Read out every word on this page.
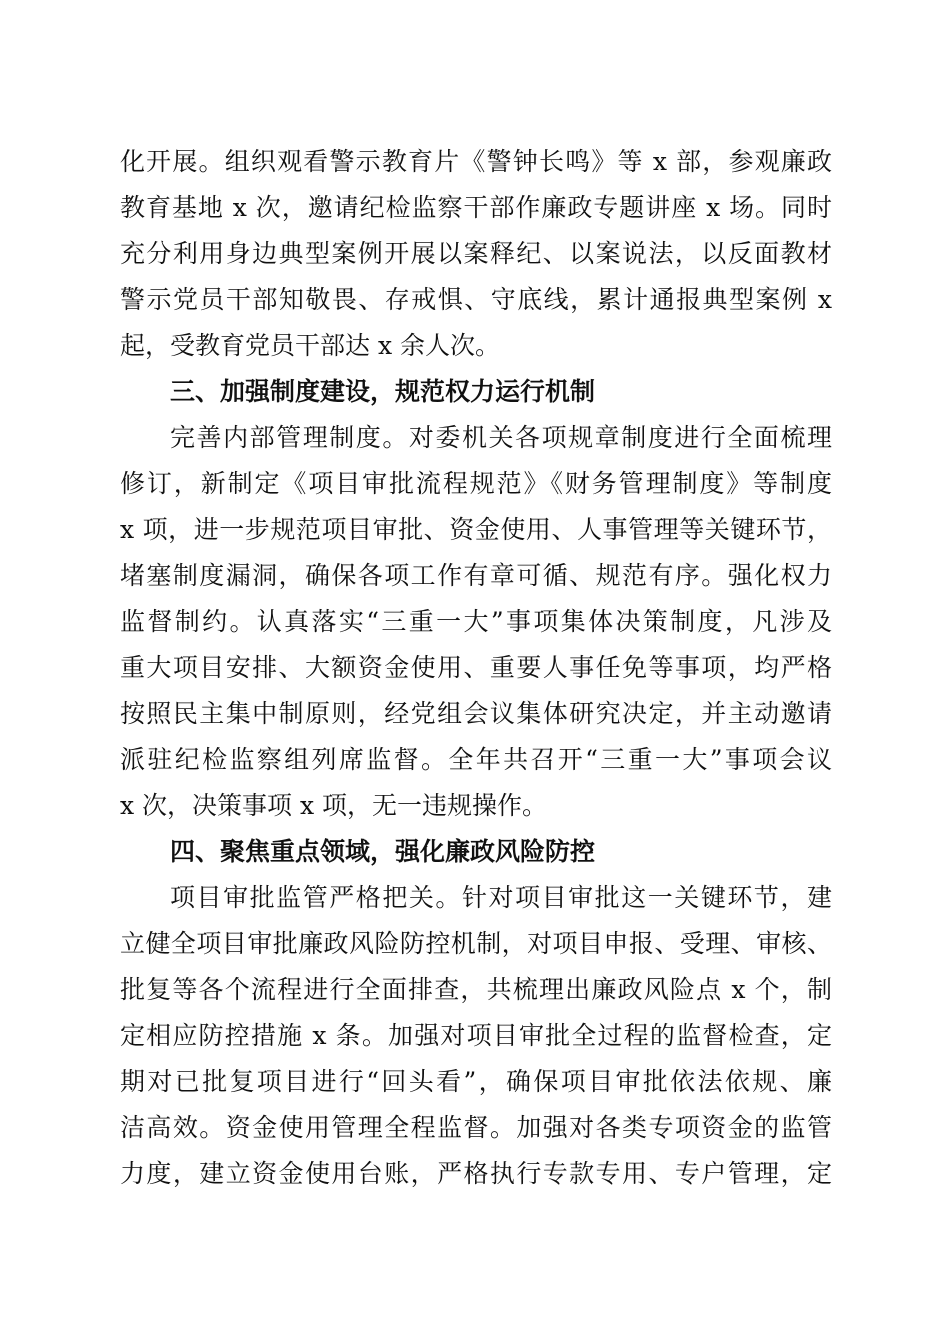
化开展。组织观看警示教育片《警钟长鸣》等 x 部，参观廉政
教育基地 x 次，邀请纪检监察干部作廉政专题讲座 x 场。同时
充分利用身边典型案例开展以案释纪、以案说法，以反面教材
警示党员干部知敬畏、存戒惧、守底线，累计通报典型案例 x
起，受教育党员干部达 x 余人次。
三、加强制度建设，规范权力运行机制
完善内部管理制度。对委机关各项规章制度进行全面梳理
修订，新制定《项目审批流程规范》《财务管理制度》等制度
x 项，进一步规范项目审批、资金使用、人事管理等关键环节，
堵塞制度漏洞，确保各项工作有章可循、规范有序。强化权力
监督制约。认真落实“三重一大”事项集体决策制度，凡涉及
重大项目安排、大额资金使用、重要人事任免等事项，均严格
按照民主集中制原则，经党组会议集体研究决定，并主动邀请
派驻纪检监察组列席监督。全年共召开“三重一大”事项会议
x 次，决策事项 x 项，无一违规操作。
四、聚焦重点领域，强化廉政风险防控
项目审批监管严格把关。针对项目审批这一关键环节，建
立健全项目审批廉政风险防控机制，对项目申报、受理、审核、
批复等各个流程进行全面排查，共梳理出廉政风险点 x 个，制
定相应防控措施 x 条。加强对项目审批全过程的监督检查，定
期对已批复项目进行“回头看”，确保项目审批依法依规、廉
洁高效。资金使用管理全程监督。加强对各类专项资金的监管
力度，建立资金使用台账，严格执行专款专用、专户管理，定
